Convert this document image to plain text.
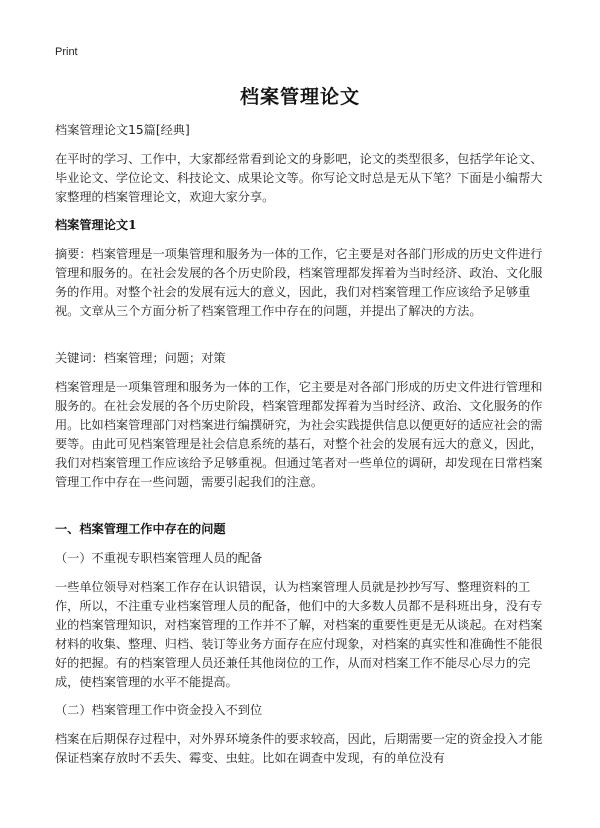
Print
档案管理论文

档案管理论文15篇[经典]

在平时的学习、工作中，大家都经常看到论文的身影吧，论文的类型很多，包括学年论文、毕业论文、学位论文、科技论文、成果论文等。你写论文时总是无从下笔？下面是小编帮大家整理的档案管理论文，欢迎大家分享。

档案管理论文1

摘要：档案管理是一项集管理和服务为一体的工作，它主要是对各部门形成的历史文件进行管理和服务的。在社会发展的各个历史阶段，档案管理都发挥着为当时经济、政治、文化服务的作用。对整个社会的发展有远大的意义，因此，我们对档案管理工作应该给予足够重视。文章从三个方面分析了档案管理工作中存在的问题，并提出了解决的方法。

关键词：档案管理；问题；对策

档案管理是一项集管理和服务为一体的工作，它主要是对各部门形成的历史文件进行管理和服务的。在社会发展的各个历史阶段，档案管理都发挥着为当时经济、政治、文化服务的作用。比如档案管理部门对档案进行编撰研究，为社会实践提供信息以便更好的适应社会的需要等。由此可见档案管理是社会信息系统的基石，对整个社会的发展有远大的意义，因此，我们对档案管理工作应该给予足够重视。但通过笔者对一些单位的调研，却发现在日常档案管理工作中存在一些问题，需要引起我们的注意。

一、档案管理工作中存在的问题

（一）不重视专职档案管理人员的配备

一些单位领导对档案工作存在认识错误，认为档案管理人员就是抄抄写写、整理资料的工作，所以，不注重专业档案管理人员的配备，他们中的大多数人员都不是科班出身，没有专业的档案管理知识，对档案管理的工作并不了解，对档案的重要性更是无从谈起。在对档案材料的收集、整理、归档、装订等业务方面存在应付现象，对档案的真实性和准确性不能很好的把握。有的档案管理人员还兼任其他岗位的工作，从而对档案工作不能尽心尽力的完成，使档案管理的水平不能提高。

（二）档案管理工作中资金投入不到位

档案在后期保存过程中，对外界环境条件的要求较高，因此，后期需要一定的资金投入才能保证档案存放时不丢失、霉变、虫蛀。比如在调查中发现，有的单位没有
